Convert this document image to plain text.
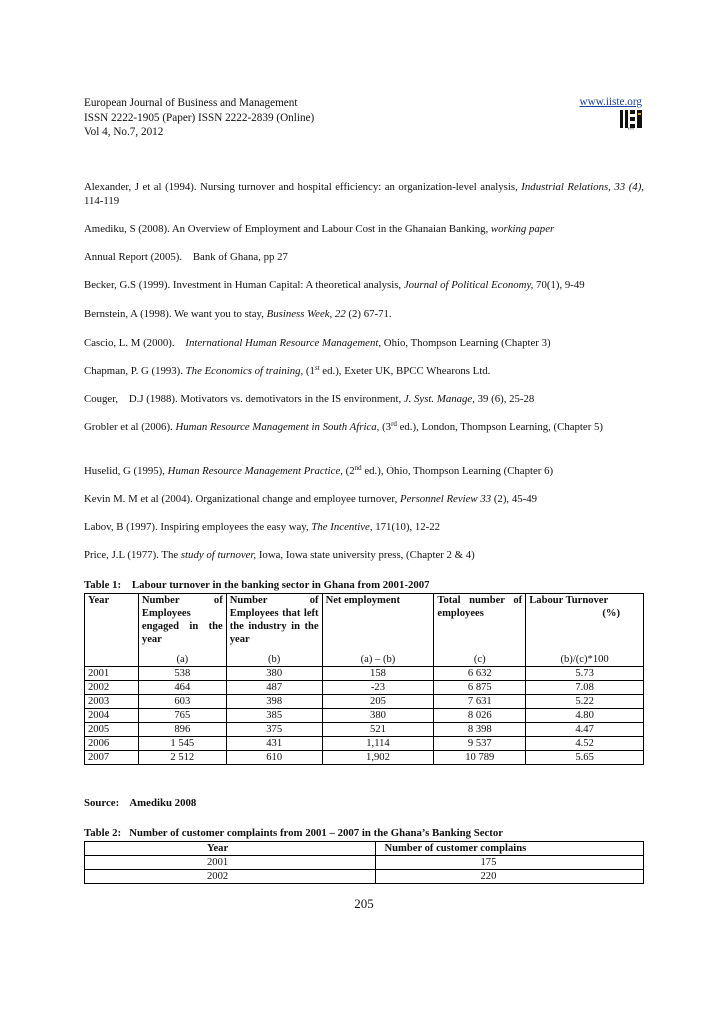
European Journal of Business and Management
ISSN 2222-1905 (Paper) ISSN 2222-2839 (Online)
Vol 4, No.7, 2012
www.iiste.org
IISTE

Alexander, J et al (1994). Nursing turnover and hospital efficiency: an organization-level analysis, Industrial Relations, 33 (4), 114-119

Amediku, S (2008). An Overview of Employment and Labour Cost in the Ghanaian Banking, working paper

Annual Report (2005).    Bank of Ghana, pp 27

Becker, G.S (1999). Investment in Human Capital: A theoretical analysis, Journal of Political Economy, 70(1), 9-49

Bernstein, A (1998). We want you to stay, Business Week, 22 (2) 67-71.

Cascio, L. M (2000).    International Human Resource Management, Ohio, Thompson Learning (Chapter 3)

Chapman, P. G (1993). The Economics of training, (1st ed.), Exeter UK, BPCC Whearons Ltd.

Couger,    D.J (1988). Motivators vs. demotivators in the IS environment, J. Syst. Manage, 39 (6), 25-28

Grobler et al (2006). Human Resource Management in South Africa, (3rd ed.), London, Thompson Learning, (Chapter 5)

Huselid, G (1995), Human Resource Management Practice, (2nd ed.), Ohio, Thompson Learning (Chapter 6)

Kevin M. M et al (2004). Organizational change and employee turnover, Personnel Review 33 (2), 45-49

Labov, B (1997). Inspiring employees the easy way, The Incentive, 171(10), 12-22

Price, J.L (1977). The study of turnover, Iowa, Iowa state university press, (Chapter 2 & 4)

Table 1:    Labour turnover in the banking sector in Ghana from 2001-2007
Year	Number of Employees engaged in the year	Number of Employees that left the industry in the year	Net employment	Total number of employees	Labour Turnover
(%)

	(a)	(b)	(a) – (b)	(c)	(b)/(c)*100
2001	538	380	158	6 632	5.73
2002	464	487	-23	6 875	7.08
2003	603	398	205	7 631	5.22
2004	765	385	380	8 026	4.80
2005	896	375	521	8 398	4.47
2006	1 545	431	1,114	9 537	4.52
2007	2 512	610	1,902	10 789	5.65
Source:    Amediku 2008
Table 2:   Number of customer complaints from 2001 – 2007 in the Ghana’s Banking Sector
Year	Number of customer complains
2001	175
2002	220
205
